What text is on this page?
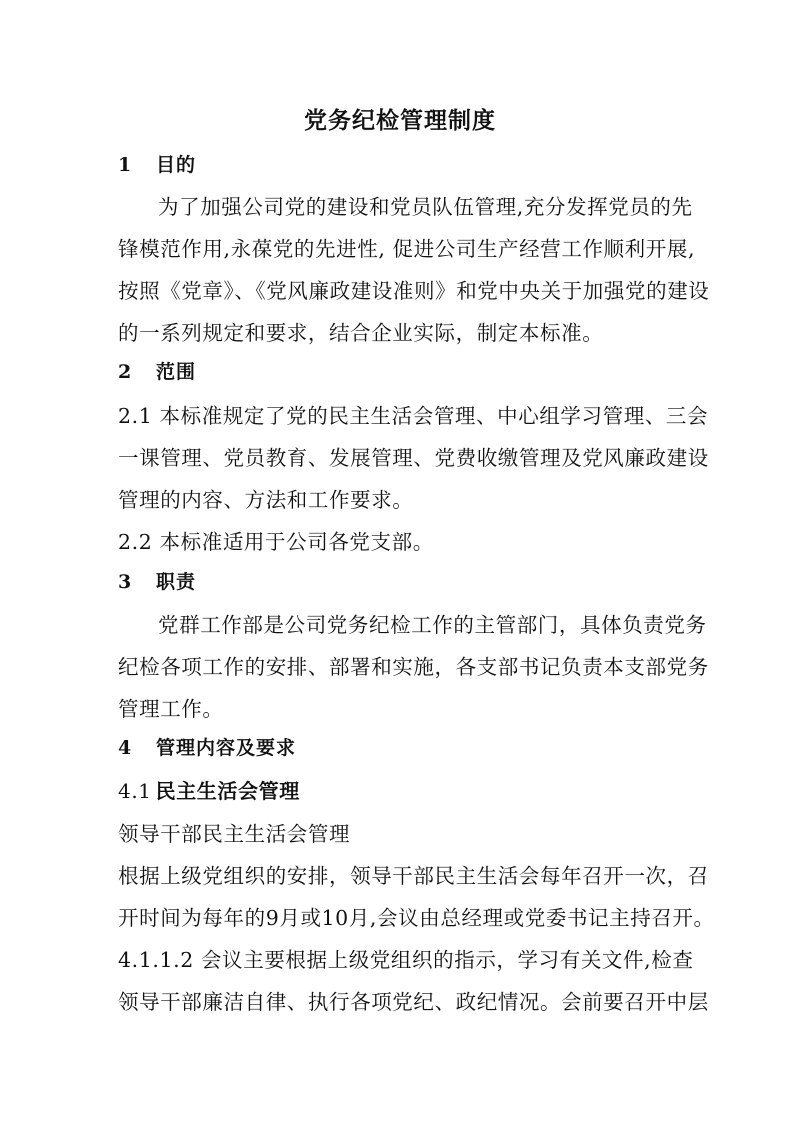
党务纪检管理制度
1 目的
为了加强公司党的建设和党员队伍管理,充分发挥党员的先
锋模范作用,永葆党的先进性, 促进公司生产经营工作顺利开展,
按照《党章》、《党风廉政建设准则》和党中央关于加强党的建设
的一系列规定和要求，结合企业实际，制定本标准。
2 范围
2.1 本标准规定了党的民主生活会管理、中心组学习管理、三会
一课管理、党员教育、发展管理、党费收缴管理及党风廉政建设
管理的内容、方法和工作要求。
2.2 本标准适用于公司各党支部。
3 职责
党群工作部是公司党务纪检工作的主管部门，具体负责党务
纪检各项工作的安排、部署和实施，各支部书记负责本支部党务
管理工作。
4 管理内容及要求
4.1 民主生活会管理
领导干部民主生活会管理
根据上级党组织的安排，领导干部民主生活会每年召开一次，召
开时间为每年的9月或10月,会议由总经理或党委书记主持召开。
4.1.1.2 会议主要根据上级党组织的指示，学习有关文件,检查
领导干部廉洁自律、执行各项党纪、政纪情况。会前要召开中层
